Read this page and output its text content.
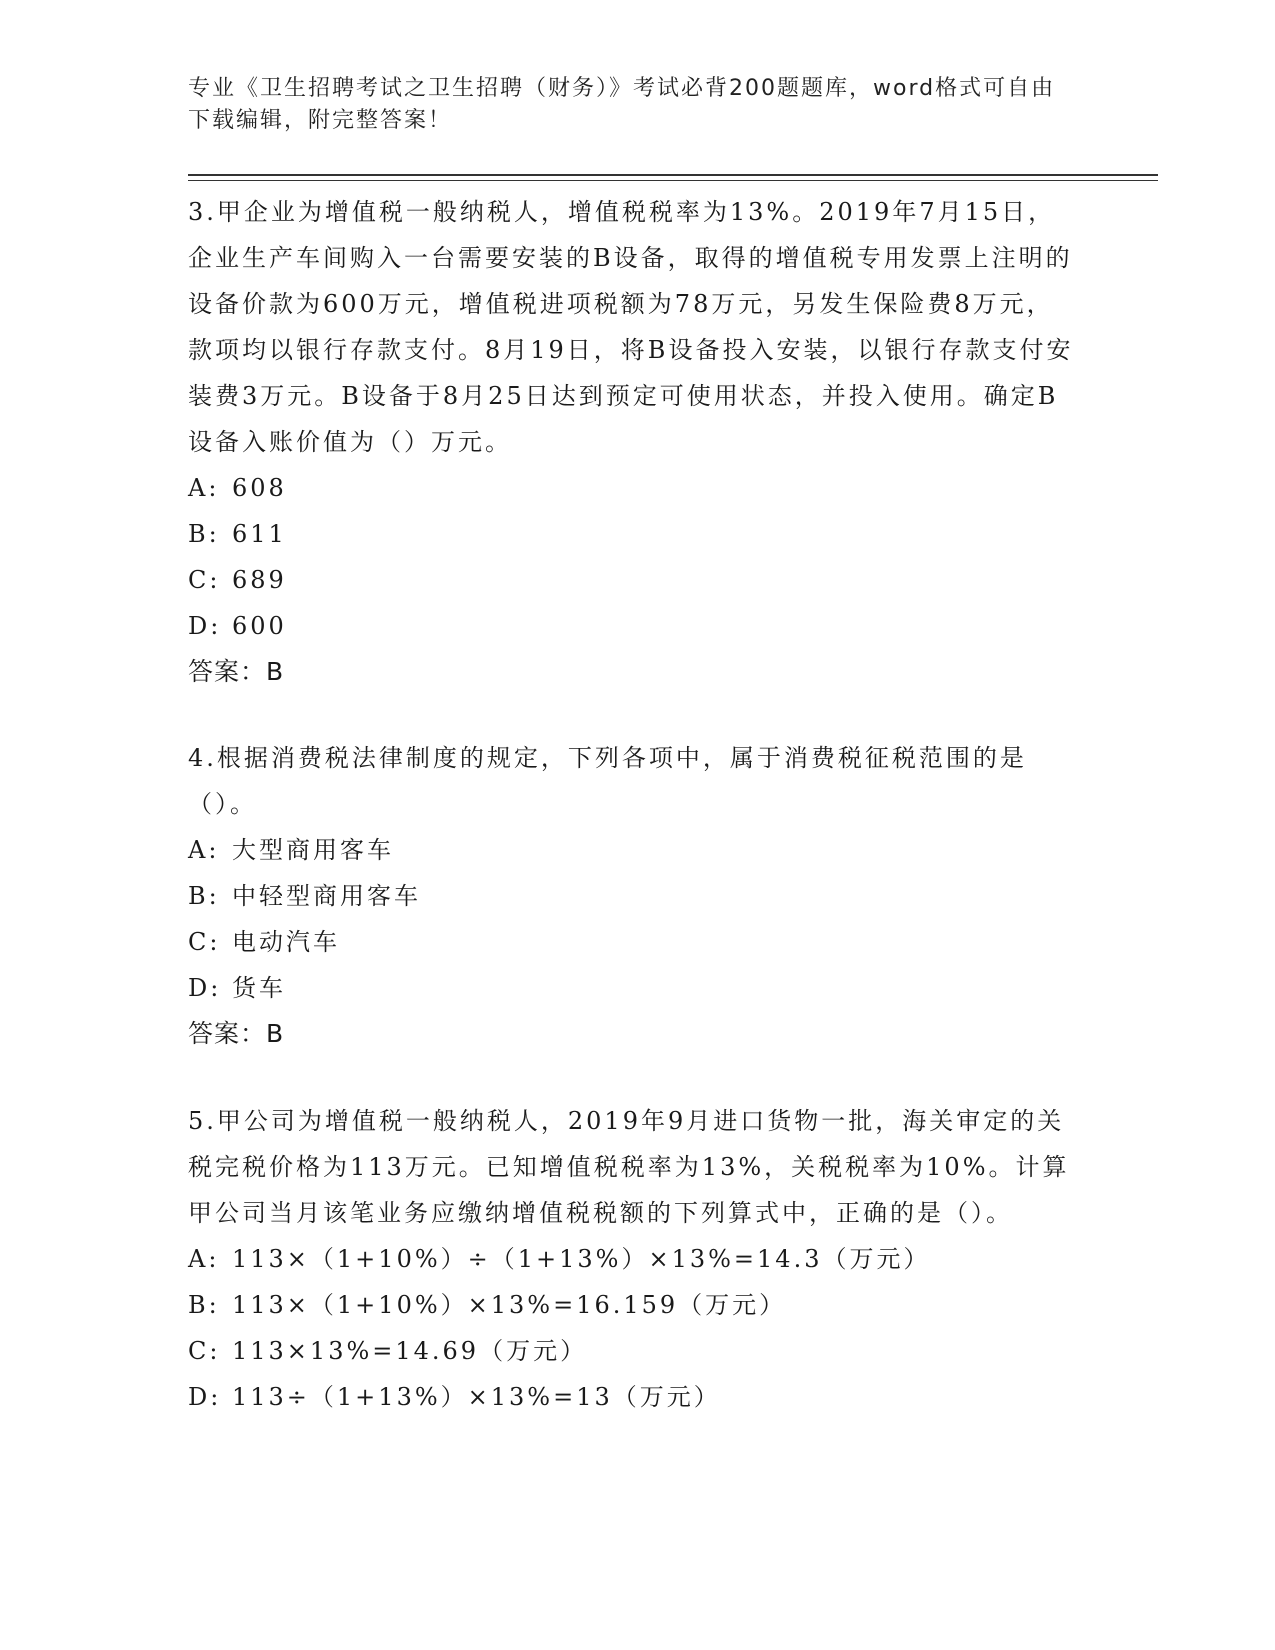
专业《卫生招聘考试之卫生招聘（财务）》考试必背200题题库，word格式可自由下载编辑，附完整答案！

3.甲企业为增值税一般纳税人，增值税税率为13%。2019年7月15日，企业生产车间购入一台需要安装的B设备，取得的增值税专用发票上注明的设备价款为600万元，增值税进项税额为78万元，另发生保险费8万元，款项均以银行存款支付。8月19日，将B设备投入安装，以银行存款支付安装费3万元。B设备于8月25日达到预定可使用状态，并投入使用。确定B设备入账价值为（）万元。

A: 608

B: 611

C: 689

D: 600

答案：B

4.根据消费税法律制度的规定，下列各项中，属于消费税征税范围的是（）。

A: 大型商用客车

B: 中轻型商用客车

C: 电动汽车

D: 货车

答案：B

5.甲公司为增值税一般纳税人，2019年9月进口货物一批，海关审定的关税完税价格为113万元。已知增值税税率为13%，关税税率为10%。计算甲公司当月该笔业务应缴纳增值税税额的下列算式中，正确的是（）。

A: 113×（1+10%）÷（1+13%）×13%=14.3（万元）

B: 113×（1+10%）×13%=16.159（万元）

C: 113×13%=14.69（万元）

D: 113÷（1+13%）×13%=13（万元）
